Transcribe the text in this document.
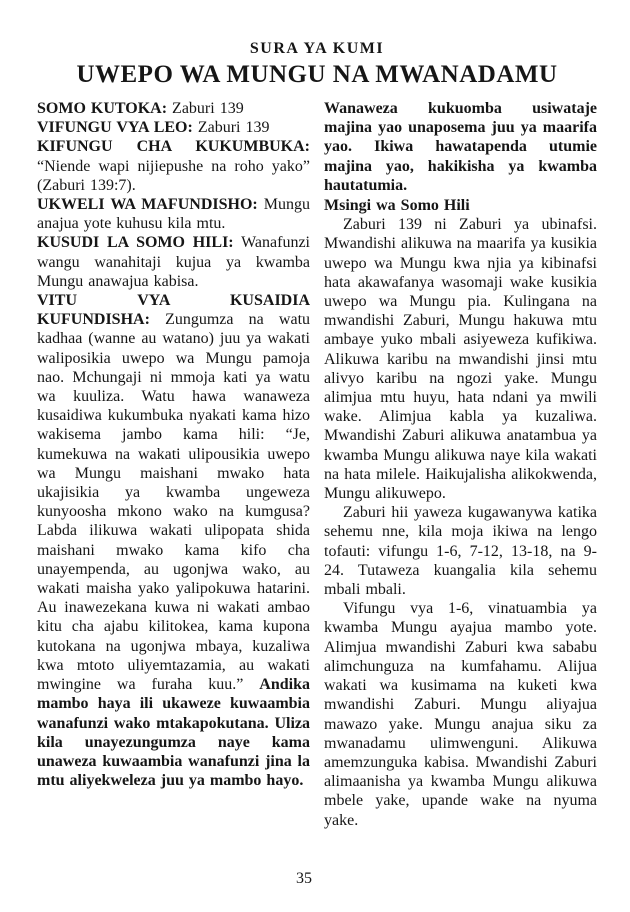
SURA YA KUMI
UWEPO WA MUNGU NA MWANADAMU

SOMO KUTOKA: Zaburi 139

VIFUNGU VYA LEO: Zaburi 139

KIFUNGU CHA KUKUMBUKA: “Niende wapi nijiepushe na roho yako” (Zaburi 139:7).

UKWELI WA MAFUNDISHO: Mungu anajua yote kuhusu kila mtu.

KUSUDI LA SOMO HILI: Wanafunzi wangu wanahitaji kujua ya kwamba Mungu anawajua kabisa.

VITU VYA KUSAIDIA KUFUNDISHA: Zungumza na watu kadhaa (wanne au watano) juu ya wakati waliposikia uwepo wa Mungu pamoja nao. Mchungaji ni mmoja kati ya watu wa kuuliza. Watu hawa wanaweza kusaidiwa kukumbuka nyakati kama hizo wakisema jambo kama hili: “Je, kumekuwa na wakati ulipousikia uwepo wa Mungu maishani mwako hata ukajisikia ya kwamba ungeweza kunyoosha mkono wako na kumgusa? Labda ilikuwa wakati ulipopata shida maishani mwako kama kifo cha unayempenda, au ugonjwa wako, au wakati maisha yako yalipokuwa hatarini. Au inawezekana kuwa ni wakati ambao kitu cha ajabu kilitokea, kama kupona kutokana na ugonjwa mbaya, kuzaliwa kwa mtoto uliyemtazamia, au wakati mwingine wa furaha kuu.” Andika mambo haya ili ukaweze kuwaambia wanafunzi wako mtakapokutana. Uliza kila unayezungumza naye kama unaweza kuwaambia wanafunzi jina la mtu aliyekweleza juu ya mambo hayo.

Wanaweza kukuomba usiwataje majina yao unaposema juu ya maarifa yao. Ikiwa hawatapenda utumie majina yao, hakikisha ya kwamba hautatumia.

Msingi wa Somo Hili

Zaburi 139 ni Zaburi ya ubinafsi. Mwandishi alikuwa na maarifa ya kusikia uwepo wa Mungu kwa njia ya kibinafsi hata akawafanya wasomaji wake kusikia uwepo wa Mungu pia. Kulingana na mwandishi Zaburi, Mungu hakuwa mtu ambaye yuko mbali asiyeweza kufikiwa. Alikuwa karibu na mwandishi jinsi mtu alivyo karibu na ngozi yake. Mungu alimjua mtu huyu, hata ndani ya mwili wake. Alimjua kabla ya kuzaliwa. Mwandishi Zaburi alikuwa anatambua ya kwamba Mungu alikuwa naye kila wakati na hata milele. Haikujalisha alikokwenda, Mungu alikuwepo.

Zaburi hii yaweza kugawanywa katika sehemu nne, kila moja ikiwa na lengo tofauti: vifungu 1-6, 7-12, 13-18, na 9-24. Tutaweza kuangalia kila sehemu mbali mbali.

Vifungu vya 1-6, vinatuambia ya kwamba Mungu ayajua mambo yote. Alimjua mwandishi Zaburi kwa sababu alimchunguza na kumfahamu. Alijua wakati wa kusimama na kuketi kwa mwandishi Zaburi. Mungu aliyajua mawazo yake. Mungu anajua siku za mwanadamu ulimwenguni. Alikuwa amemzunguka kabisa. Mwandishi Zaburi alimaanisha ya kwamba Mungu alikuwa mbele yake, upande wake na nyuma yake.

35
